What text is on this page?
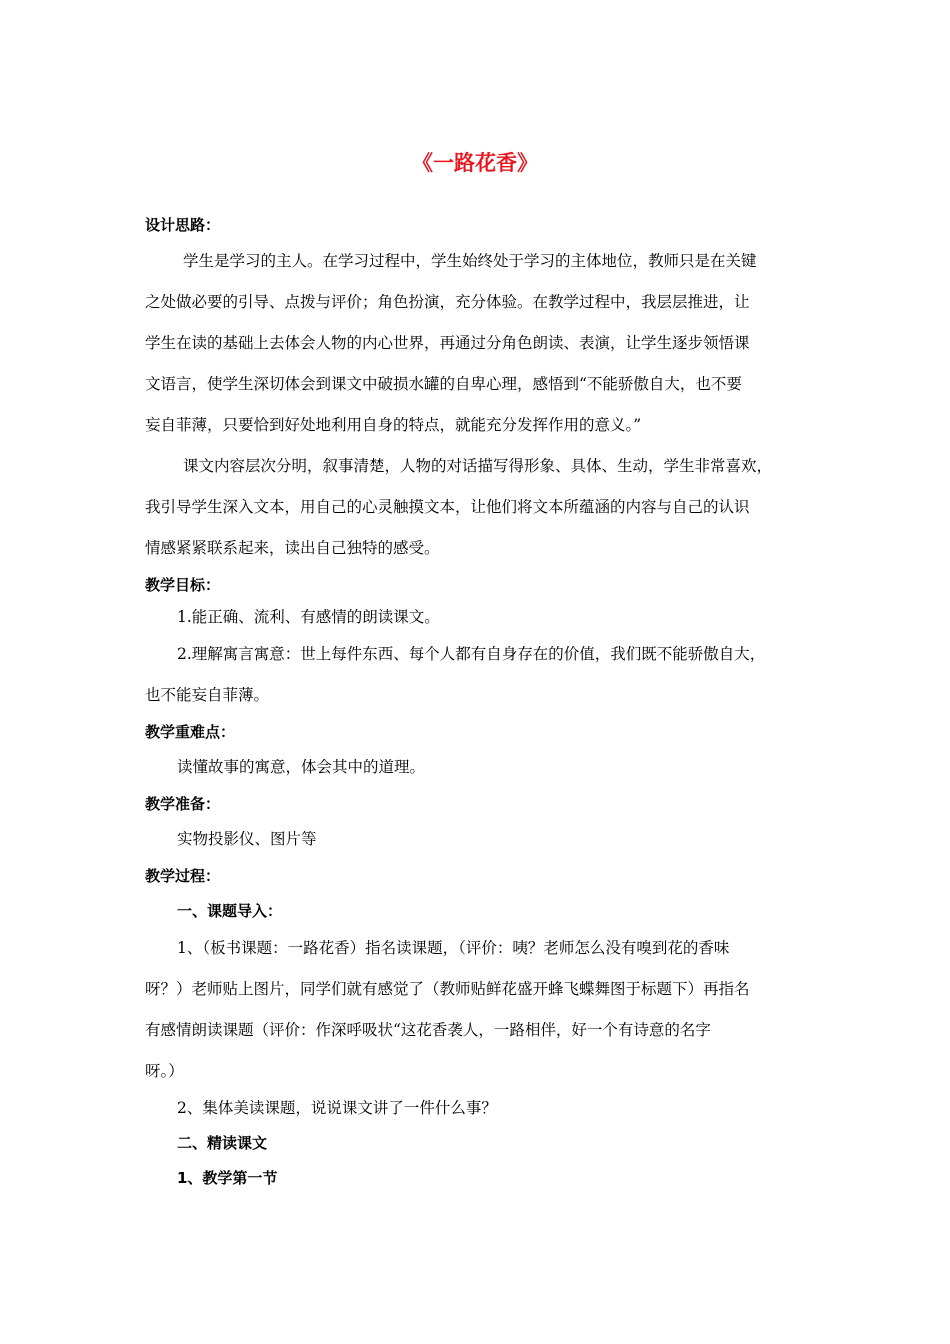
《一路花香》
设计思路：
学生是学习的主人。在学习过程中，学生始终处于学习的主体地位，教师只是在关键
之处做必要的引导、点拨与评价；角色扮演，充分体验。在教学过程中，我层层推进，让
学生在读的基础上去体会人物的内心世界，再通过分角色朗读、表演，让学生逐步领悟课
文语言，使学生深切体会到课文中破损水罐的自卑心理，感悟到“不能骄傲自大，也不要
妄自菲薄，只要恰到好处地利用自身的特点，就能充分发挥作用的意义。”
课文内容层次分明，叙事清楚，人物的对话描写得形象、具体、生动，学生非常喜欢，
我引导学生深入文本，用自己的心灵触摸文本，让他们将文本所蕴涵的内容与自己的认识
情感紧紧联系起来，读出自己独特的感受。
教学目标：
1.能正确、流利、有感情的朗读课文。
2.理解寓言寓意：世上每件东西、每个人都有自身存在的价值，我们既不能骄傲自大，
也不能妄自菲薄。
教学重难点：
读懂故事的寓意，体会其中的道理。
教学准备：
实物投影仪、图片等
教学过程：
一、课题导入：
1、（板书课题：一路花香）指名读课题，（评价：咦？老师怎么没有嗅到花的香味
呀？）老师贴上图片，同学们就有感觉了（教师贴鲜花盛开蜂飞蝶舞图于标题下）再指名
有感情朗读课题（评价：作深呼吸状“这花香袭人，一路相伴，好一个有诗意的名字
呀。）
2、集体美读课题，说说课文讲了一件什么事？
二、精读课文
1、教学第一节
